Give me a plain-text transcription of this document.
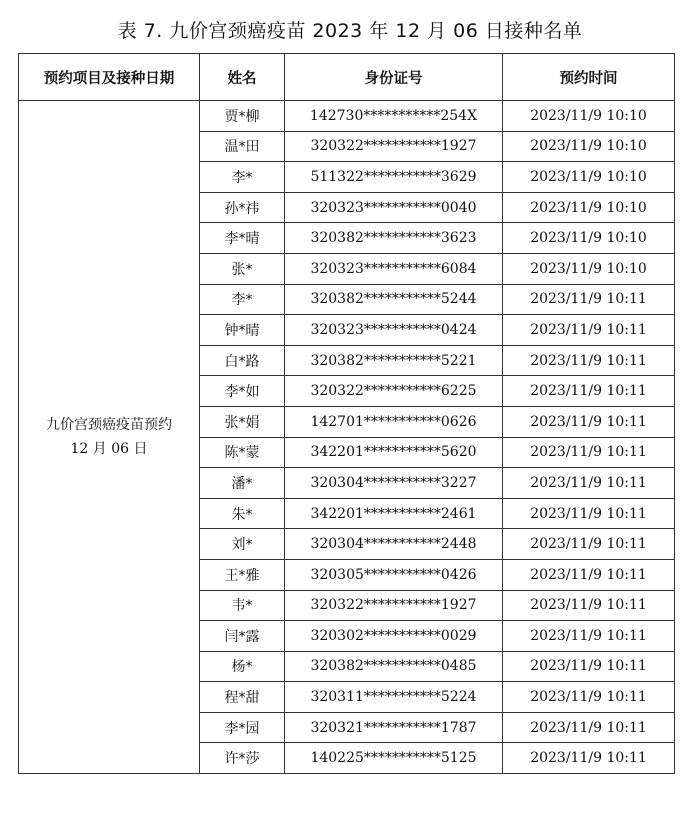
表 7. 九价宫颈癌疫苗 2023 年 12 月 06 日接种名单
预约项目及接种日期	姓名	身份证号	预约时间

九价宫颈癌疫苗预约
12 月 06 日	贾*柳	142730***********254X	2023/11/9 10:10
	温*田	320322***********1927	2023/11/9 10:10
	李*	511322***********3629	2023/11/9 10:10
	孙*祎	320323***********0040	2023/11/9 10:10
	李*晴	320382***********3623	2023/11/9 10:10
	张*	320323***********6084	2023/11/9 10:10
	李*	320382***********5244	2023/11/9 10:11
	钟*晴	320323***********0424	2023/11/9 10:11
	白*路	320382***********5221	2023/11/9 10:11
	李*如	320322***********6225	2023/11/9 10:11
	张*娟	142701***********0626	2023/11/9 10:11
	陈*蒙	342201***********5620	2023/11/9 10:11
	潘*	320304***********3227	2023/11/9 10:11
	朱*	342201***********2461	2023/11/9 10:11
	刘*	320304***********2448	2023/11/9 10:11
	王*雅	320305***********0426	2023/11/9 10:11
	韦*	320322***********1927	2023/11/9 10:11
	闫*露	320302***********0029	2023/11/9 10:11
	杨*	320382***********0485	2023/11/9 10:11
	程*甜	320311***********5224	2023/11/9 10:11
	李*园	320321***********1787	2023/11/9 10:11
	许*莎	140225***********5125	2023/11/9 10:11
